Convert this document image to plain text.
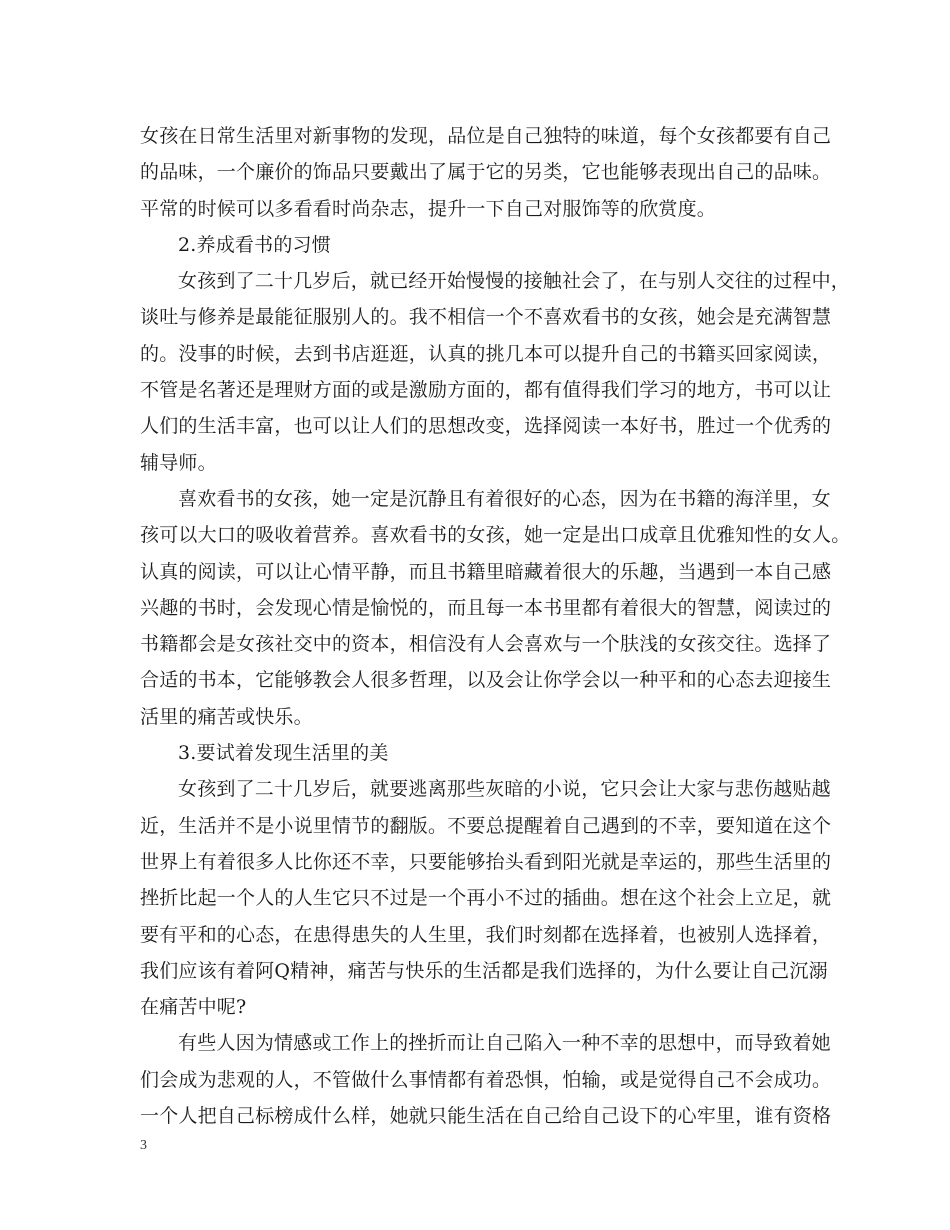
女孩在日常生活里对新事物的发现，品位是自己独特的味道，每个女孩都要有自己
的品味，一个廉价的饰品只要戴出了属于它的另类，它也能够表现出自己的品味。
平常的时候可以多看看时尚杂志，提升一下自己对服饰等的欣赏度。
2.养成看书的习惯
女孩到了二十几岁后，就已经开始慢慢的接触社会了，在与别人交往的过程中，
谈吐与修养是最能征服别人的。我不相信一个不喜欢看书的女孩，她会是充满智慧
的。没事的时候，去到书店逛逛，认真的挑几本可以提升自己的书籍买回家阅读，
不管是名著还是理财方面的或是激励方面的，都有值得我们学习的地方，书可以让
人们的生活丰富，也可以让人们的思想改变，选择阅读一本好书，胜过一个优秀的
辅导师。
喜欢看书的女孩，她一定是沉静且有着很好的心态，因为在书籍的海洋里，女
孩可以大口的吸收着营养。喜欢看书的女孩，她一定是出口成章且优雅知性的女人。
认真的阅读，可以让心情平静，而且书籍里暗藏着很大的乐趣，当遇到一本自己感
兴趣的书时，会发现心情是愉悦的，而且每一本书里都有着很大的智慧，阅读过的
书籍都会是女孩社交中的资本，相信没有人会喜欢与一个肤浅的女孩交往。选择了
合适的书本，它能够教会人很多哲理，以及会让你学会以一种平和的心态去迎接生
活里的痛苦或快乐。
3.要试着发现生活里的美
女孩到了二十几岁后，就要逃离那些灰暗的小说，它只会让大家与悲伤越贴越
近，生活并不是小说里情节的翻版。不要总提醒着自己遇到的不幸，要知道在这个
世界上有着很多人比你还不幸，只要能够抬头看到阳光就是幸运的，那些生活里的
挫折比起一个人的人生它只不过是一个再小不过的插曲。想在这个社会上立足，就
要有平和的心态，在患得患失的人生里，我们时刻都在选择着，也被别人选择着，
我们应该有着阿Q精神，痛苦与快乐的生活都是我们选择的，为什么要让自己沉溺
在痛苦中呢?
有些人因为情感或工作上的挫折而让自己陷入一种不幸的思想中，而导致着她
们会成为悲观的人，不管做什么事情都有着恐惧，怕输，或是觉得自己不会成功。
一个人把自己标榜成什么样，她就只能生活在自己给自己设下的心牢里，谁有资格
3
